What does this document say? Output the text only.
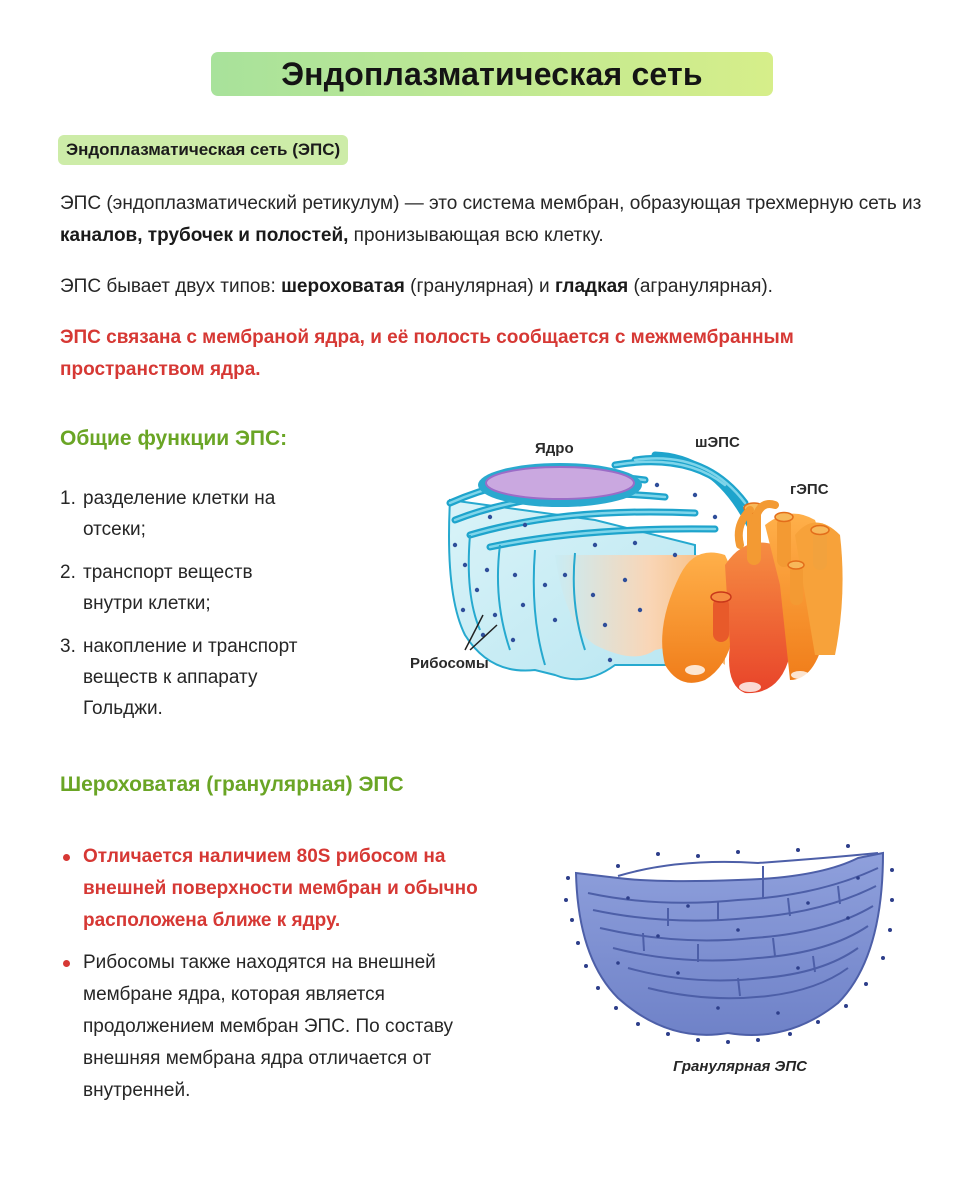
Эндоплазматическая сеть
Эндоплазматическая сеть (ЭПС)

ЭПС (эндоплазматический ретикулум) — это система мембран, образующая трехмерную сеть из каналов, трубочек и полостей, пронизывающая всю клетку.

ЭПС бывает двух типов: шероховатая (гранулярная) и гладкая (агранулярная).

ЭПС связана с мембраной ядра, и её полость сообщается с межмембранным пространством ядра.

Общие функции ЭПС:
1. разделение клетки на отсеки;
2. транспорт веществ внутри клетки;
3. накопление и транспорт веществ к аппарату Гольджи.
Ядро	шЭПС
гЭПС
Рибосомы
Шероховатая (гранулярная) ЭПС
Отличается наличием 80S рибосом на внешней поверхности мембран и обычно расположена ближе к ядру.
Рибосомы также находятся на внешней мембране ядра, которая является продолжением мембран ЭПС. По составу внешняя мембрана ядра отличается от внутренней.
Гранулярная ЭПС
